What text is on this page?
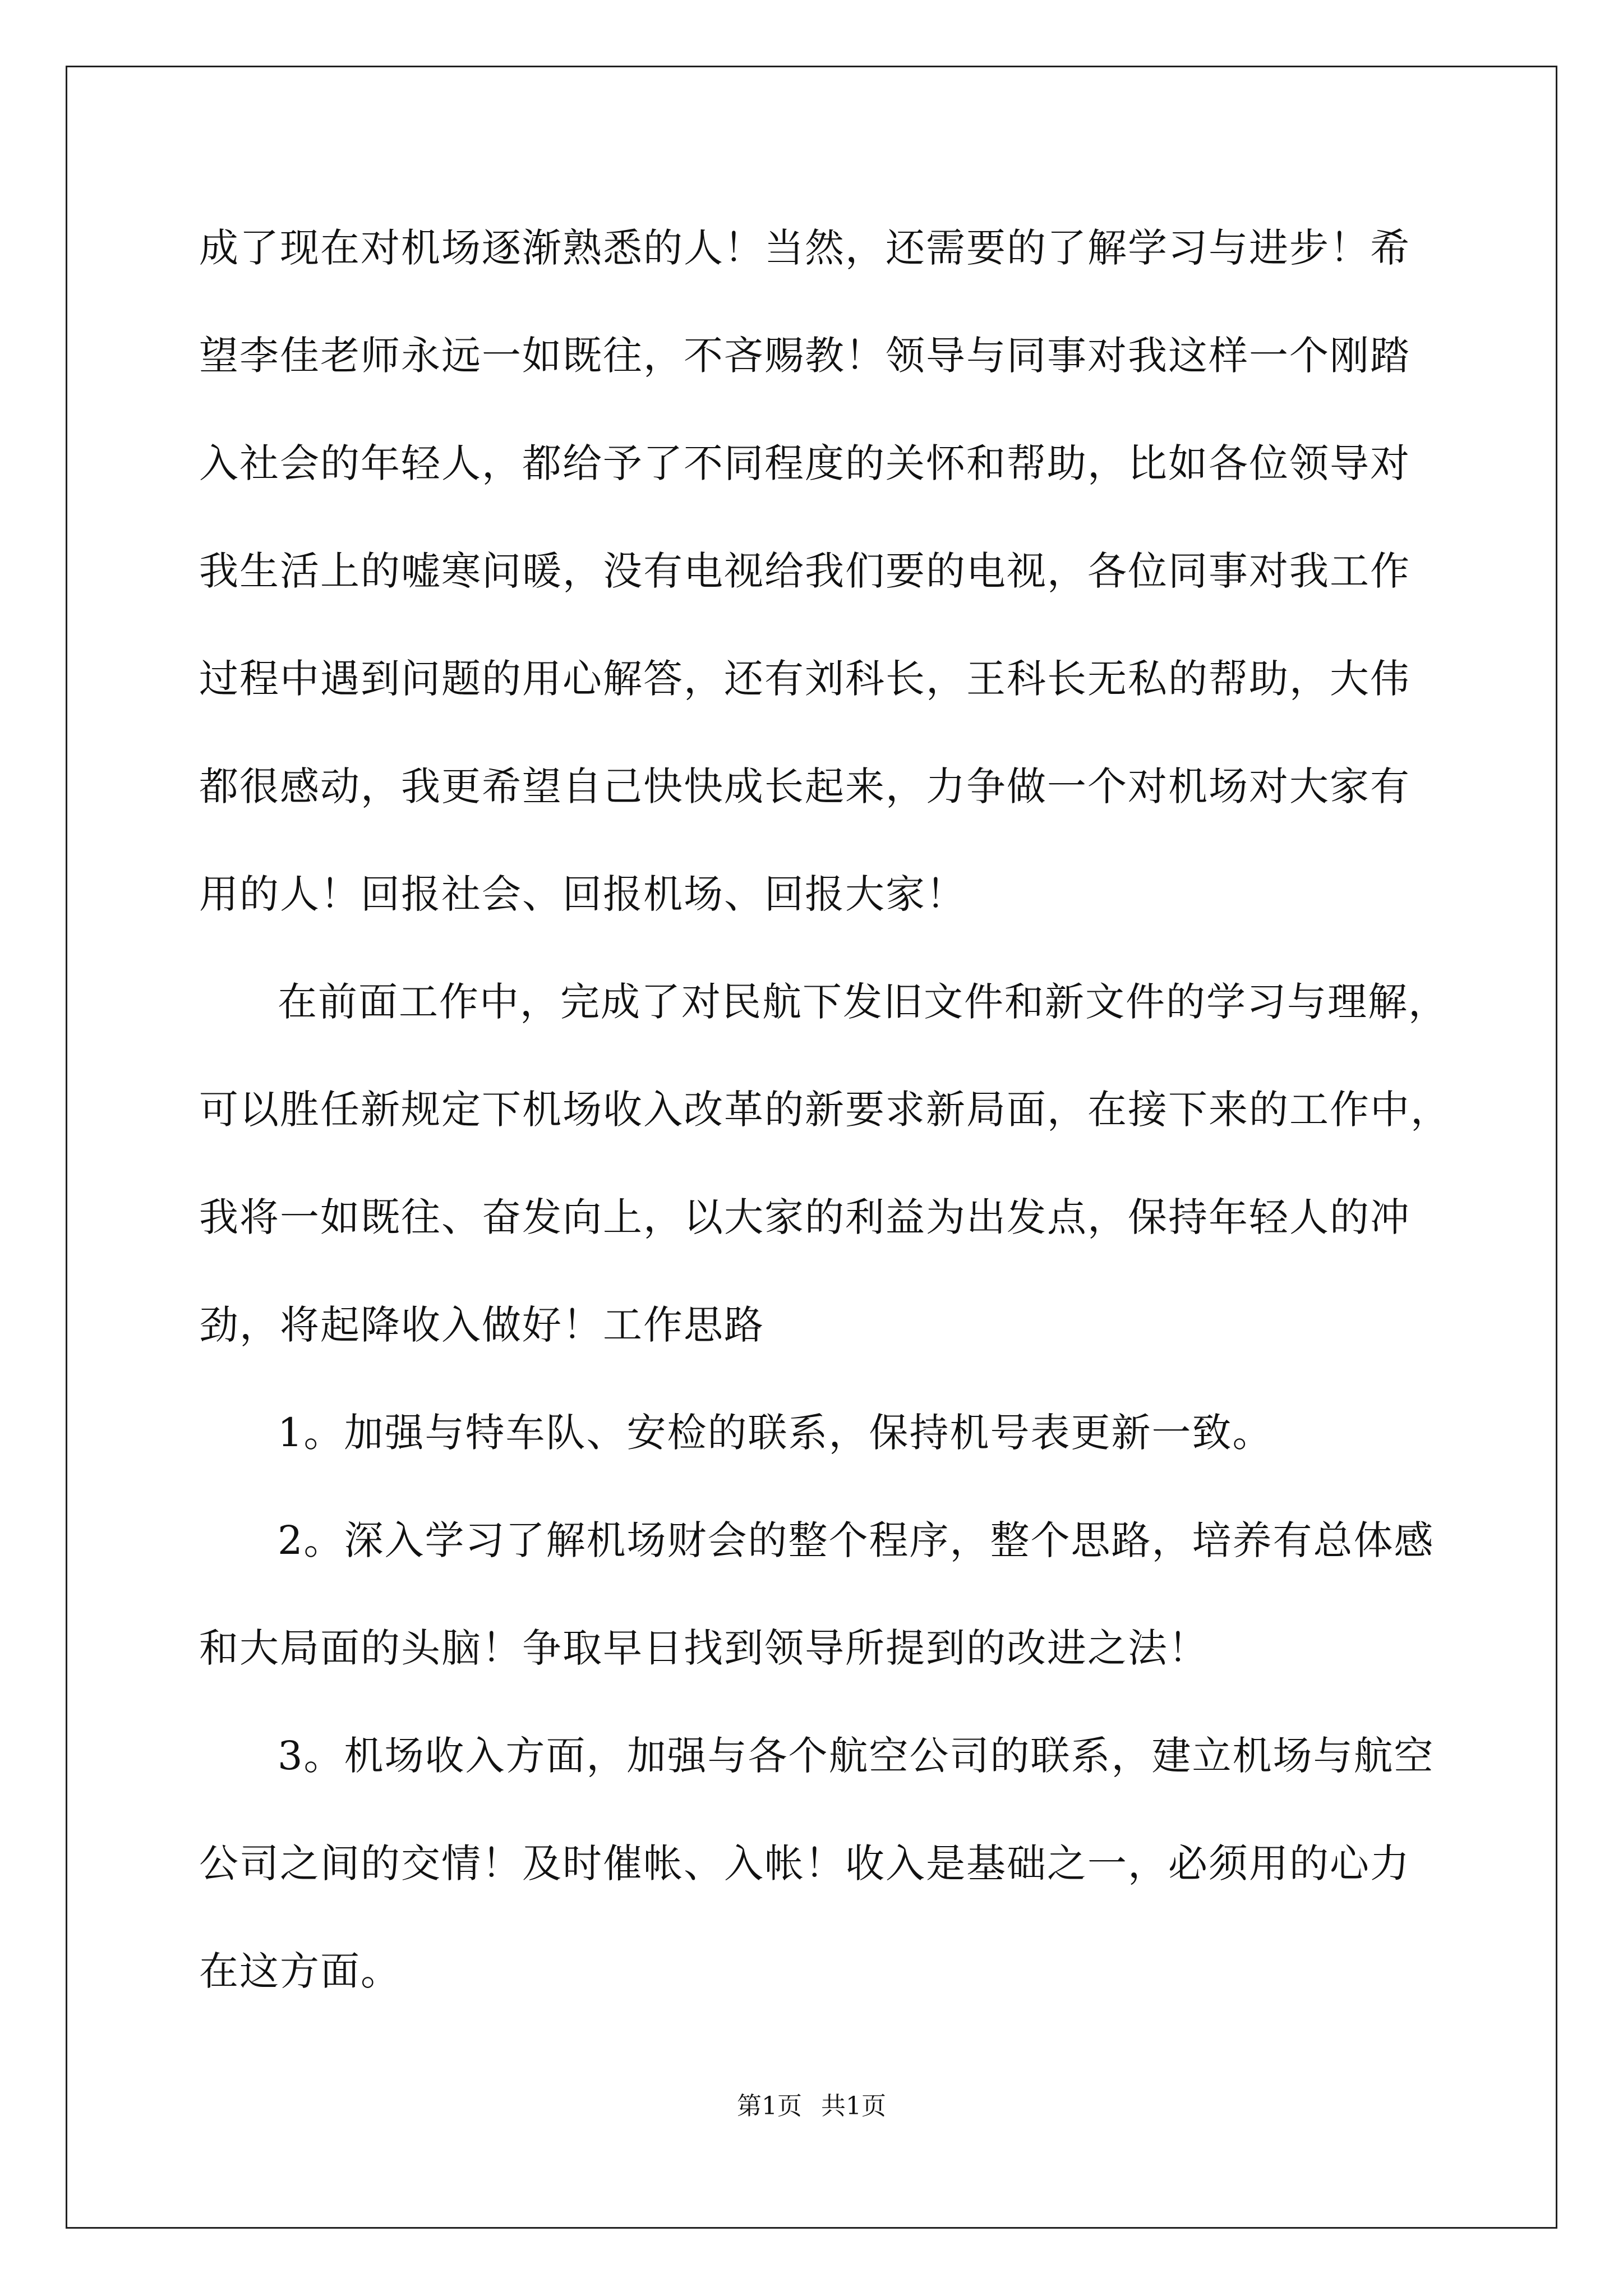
成了现在对机场逐渐熟悉的人！当然，还需要的了解学习与进步！希
望李佳老师永远一如既往，不吝赐教！领导与同事对我这样一个刚踏
入社会的年轻人，都给予了不同程度的关怀和帮助，比如各位领导对
我生活上的嘘寒问暖，没有电视给我们要的电视，各位同事对我工作
过程中遇到问题的用心解答，还有刘科长，王科长无私的帮助，大伟
都很感动，我更希望自己快快成长起来，力争做一个对机场对大家有
用的人！回报社会、回报机场、回报大家！
在前面工作中，完成了对民航下发旧文件和新文件的学习与理解，
可以胜任新规定下机场收入改革的新要求新局面，在接下来的工作中，
我将一如既往、奋发向上，以大家的利益为出发点，保持年轻人的冲
劲，将起降收入做好！工作思路
1。加强与特车队、安检的联系，保持机号表更新一致。
2。深入学习了解机场财会的整个程序，整个思路，培养有总体感
和大局面的头脑！争取早日找到领导所提到的改进之法！
3。机场收入方面，加强与各个航空公司的联系，建立机场与航空
公司之间的交情！及时催帐、入帐！收入是基础之一，必须用的心力
在这方面。
第1页 共1页
